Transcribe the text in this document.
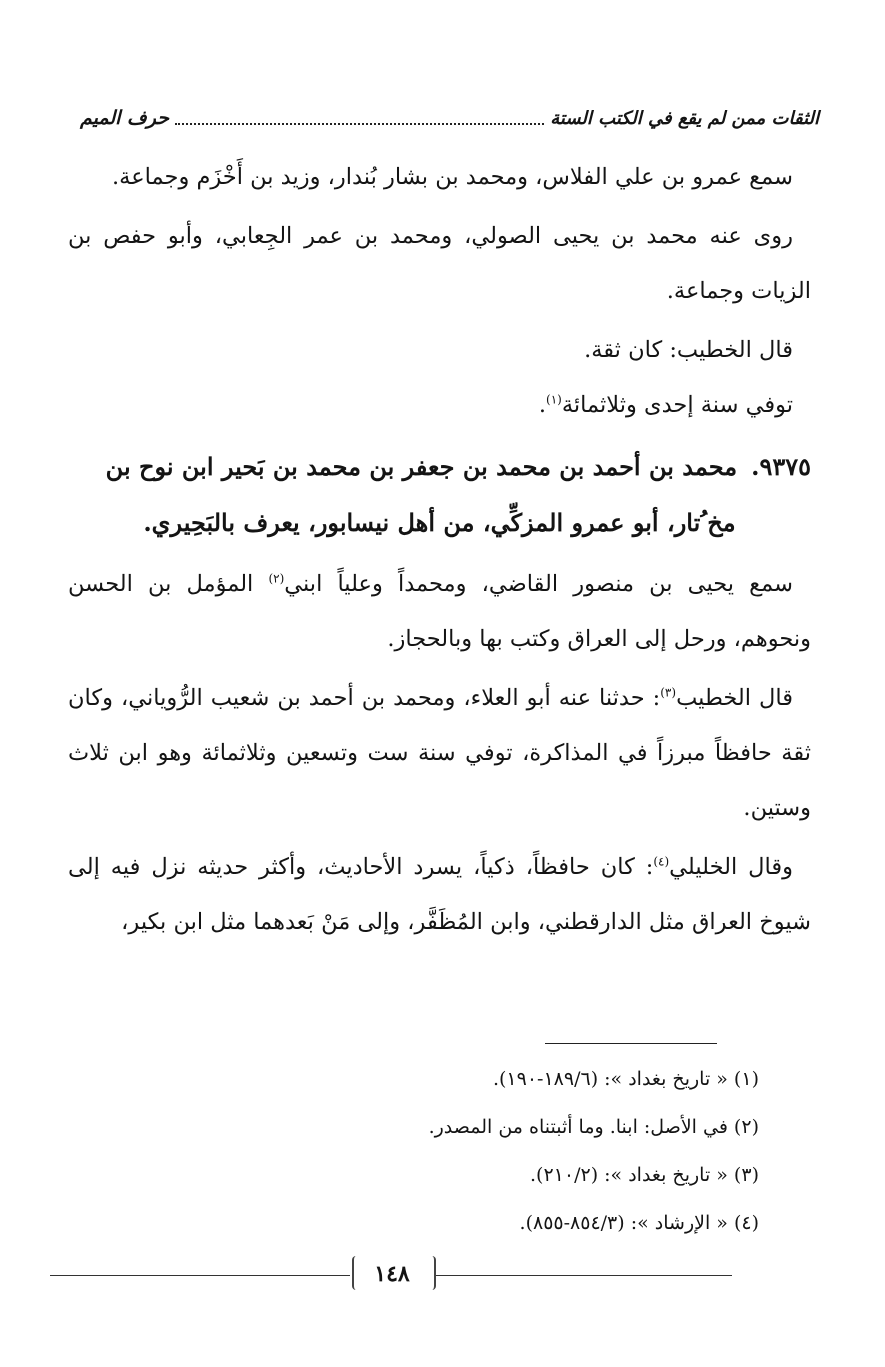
حرف الميم	الثقات ممن لم يقع في الكتب الستة

سمع عمرو بن علي الفلاس، ومحمد بن بشار بُندار، وزيد بن أَخْزَم وجماعة.

روى عنه محمد بن يحيى الصولي، ومحمد بن عمر الجِعابي، وأبو حفص بن الزيات وجماعة.

قال الخطيب: كان ثقة.

توفي سنة إحدى وثلاثمائة$^{(١)}$.

٩٣٧٥.محمد بن أحمد بن محمد بن جعفر بن محمد بن بَحير ابن نوح بن
مخ ُتار، أبو عمرو المزكِّي، من أهل نيسابور، يعرف بالبَحِيري.

سمع يحيى بن منصور القاضي، ومحمداً وعلياً ابني$^{(٢)}$ المؤمل بن الحسن ونحوهم، ورحل إلى العراق وكتب بها وبالحجاز.

قال الخطيب$^{(٣)}$: حدثنا عنه أبو العلاء، ومحمد بن أحمد بن شعيب الرُّوياني، وكان ثقة حافظاً مبرزاً في المذاكرة، توفي سنة ست وتسعين وثلاثمائة وهو ابن ثلاث وستين.

وقال الخليلي$^{(٤)}$: كان حافظاً، ذكياً، يسرد الأحاديث، وأكثر حديثه نزل فيه إلى شيوخ العراق مثل الدارقطني، وابن المُظَفَّر، وإلى مَنْ بَعدهما مثل ابن بكير،

(١) « تاريخ بغداد »: (١٨٩/٦-١٩٠).
(٢) في الأصل: ابنا. وما أثبتناه من المصدر.
(٣) « تاريخ بغداد »: (٢١٠/٢).
(٤) « الإرشاد »: (٨٥٤/٣-٨٥٥).
١٤٨
